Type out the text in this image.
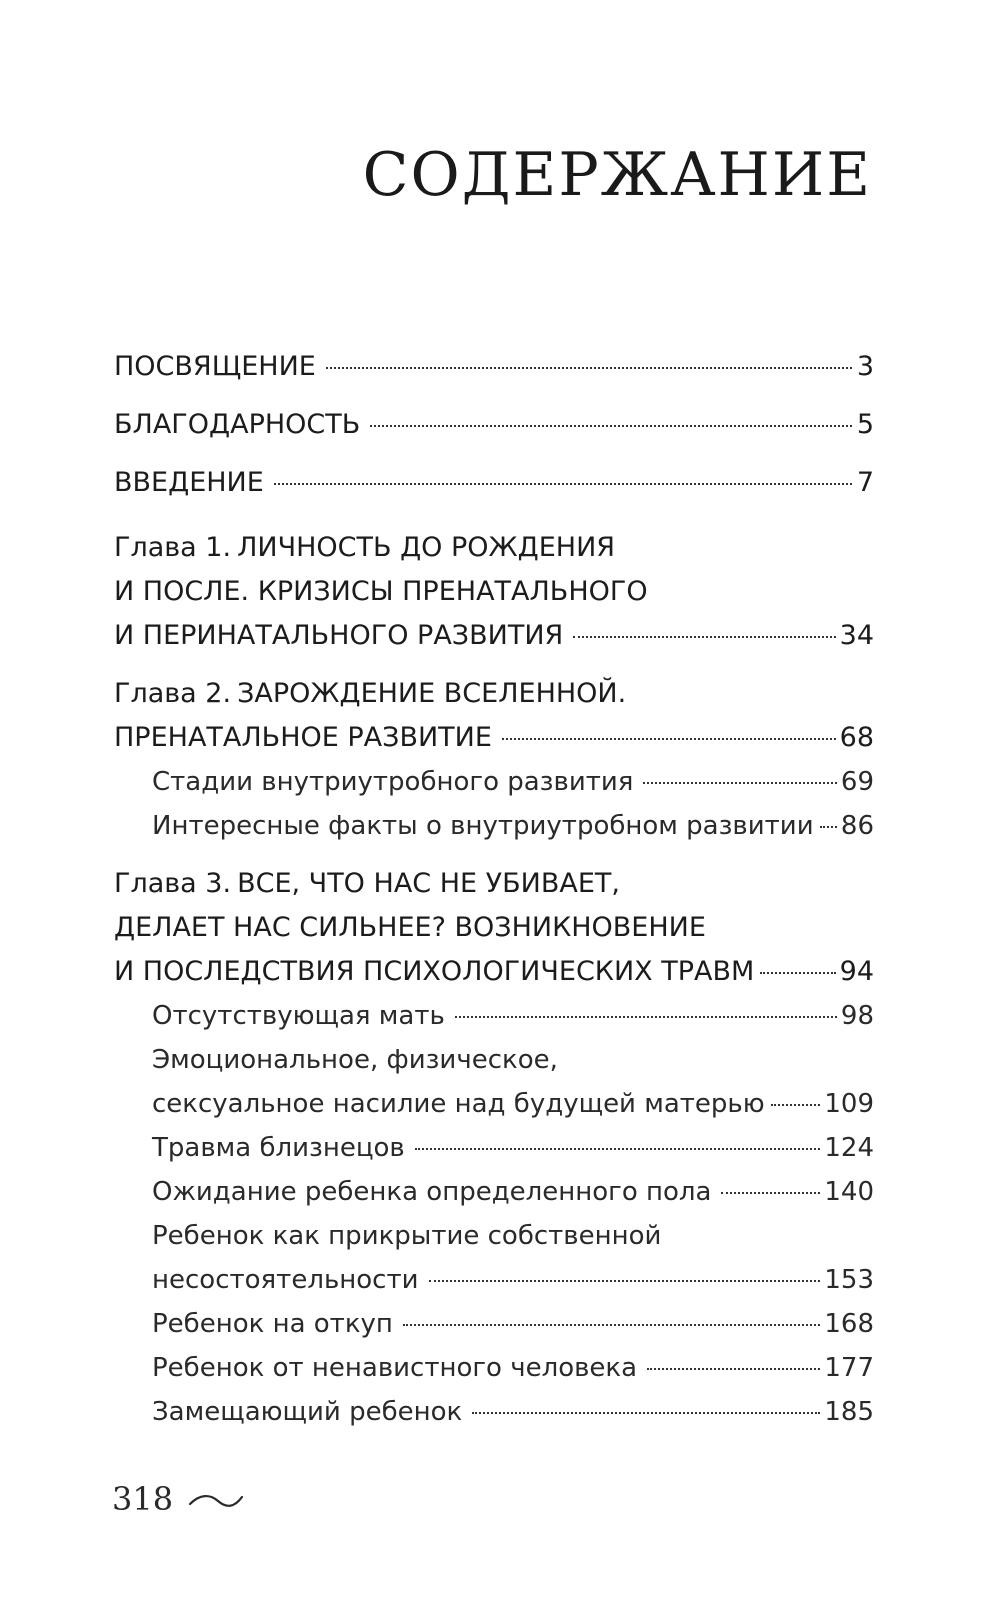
СОДЕРЖАНИЕ
ПОСВЯЩЕНИЕ	3
БЛАГОДАРНОСТЬ	5
ВВЕДЕНИЕ	7
Глава 1. ЛИЧНОСТЬ ДО РОЖДЕНИЯ
И ПОСЛЕ. КРИЗИСЫ ПРЕНАТАЛЬНОГО
И ПЕРИНАТАЛЬНОГО РАЗВИТИЯ	34
Глава 2. ЗАРОЖДЕНИЕ ВСЕЛЕННОЙ.
ПРЕНАТАЛЬНОЕ РАЗВИТИЕ	68
Стадии внутриутробного развития	69
Интересные факты о внутриутробном развитии 86
Глава 3. ВСЕ, ЧТО НАС НЕ УБИВАЕТ,
ДЕЛАЕТ НАС СИЛЬНЕЕ? ВОЗНИКНОВЕНИЕ
И ПОСЛЕДСТВИЯ ПСИХОЛОГИЧЕСКИХ ТРАВМ	94
Отсутствующая мать	98
Эмоциональное, физическое,
сексуальное насилие над будущей матерью 109
Травма близнецов	124
Ожидание ребенка определенного пола	140
Ребенок как прикрытие собственной
несостоятельности	153
Ребенок на откуп	168
Ребенок от ненавистного человека	177
Замещающий ребенок	185
318
